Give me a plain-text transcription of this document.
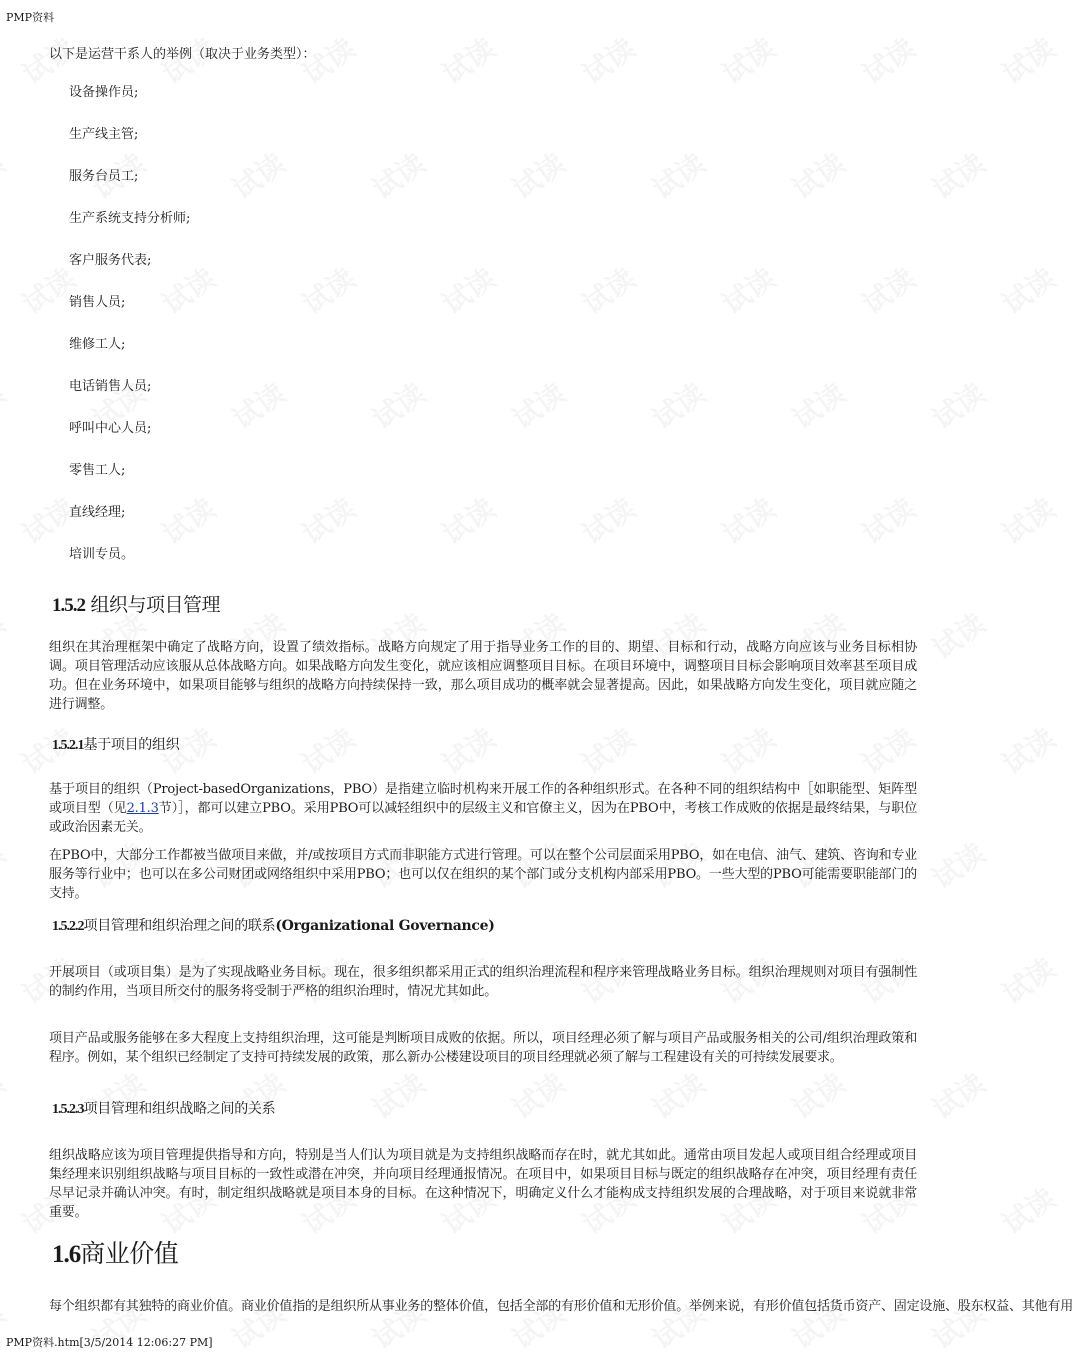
PMP资料
以下是运营干系人的举例（取决于业务类型）：
设备操作员;
生产线主管;
服务台员工;
生产系统支持分析师;
客户服务代表;
销售人员;
维修工人;
电话销售人员;
呼叫中心人员;
零售工人;
直线经理;
培训专员。
1.5.2 组织与项目管理
组织在其治理框架中确定了战略方向，设置了绩效指标。战略方向规定了用于指导业务工作的目的、期望、目标和行动，战略方向应该与业务目标相协调。项目管理活动应该服从总体战略方向。如果战略方向发生变化，就应该相应调整项目目标。在项目环境中，调整项目目标会影响项目效率甚至项目成功。但在业务环境中，如果项目能够与组织的战略方向持续保持一致，那么项目成功的概率就会显著提高。因此，如果战略方向发生变化，项目就应随之进行调整。
1.5.2.1基于项目的组织
基于项目的组织（Project-basedOrganizations，PBO）是指建立临时机构来开展工作的各种组织形式。在各种不同的组织结构中［如职能型、矩阵型或项目型（见2.1.3节）］，都可以建立PBO。采用PBO可以减轻组织中的层级主义和官僚主义，因为在PBO中，考核工作成败的依据是最终结果，与职位或政治因素无关。
在PBO中，大部分工作都被当做项目来做，并/或按项目方式而非职能方式进行管理。可以在整个公司层面采用PBO，如在电信、油气、建筑、咨询和专业服务等行业中；也可以在多公司财团或网络组织中采用PBO；也可以仅在组织的某个部门或分支机构内部采用PBO。一些大型的PBO可能需要职能部门的支持。
1.5.2.2项目管理和组织治理之间的联系(Organizational Governance)
开展项目（或项目集）是为了实现战略业务目标。现在，很多组织都采用正式的组织治理流程和程序来管理战略业务目标。组织治理规则对项目有强制性的制约作用，当项目所交付的服务将受制于严格的组织治理时，情况尤其如此。
项目产品或服务能够在多大程度上支持组织治理，这可能是判断项目成败的依据。所以，项目经理必须了解与项目产品或服务相关的公司/组织治理政策和程序。例如，某个组织已经制定了支持可持续发展的政策，那么新办公楼建设项目的项目经理就必须了解与工程建设有关的可持续发展要求。
1.5.2.3项目管理和组织战略之间的关系
组织战略应该为项目管理提供指导和方向，特别是当人们认为项目就是为支持组织战略而存在时，就尤其如此。通常由项目发起人或项目组合经理或项目集经理来识别组织战略与项目目标的一致性或潜在冲突，并向项目经理通报情况。在项目中，如果项目目标与既定的组织战略存在冲突，项目经理有责任尽早记录并确认冲突。有时，制定组织战略就是项目本身的目标。在这种情况下，明确定义什么才能构成支持组织发展的合理战略，对于项目来说就非常重要。
1.6商业价值
每个组织都有其独特的商业价值。商业价值指的是组织所从事业务的整体价值，包括全部的有形价值和无形价值。举例来说，有形价值包括货币资产、固定设施、股东权益、其他有用
PMP资料.htm[3/5/2014 12:06:27 PM]
